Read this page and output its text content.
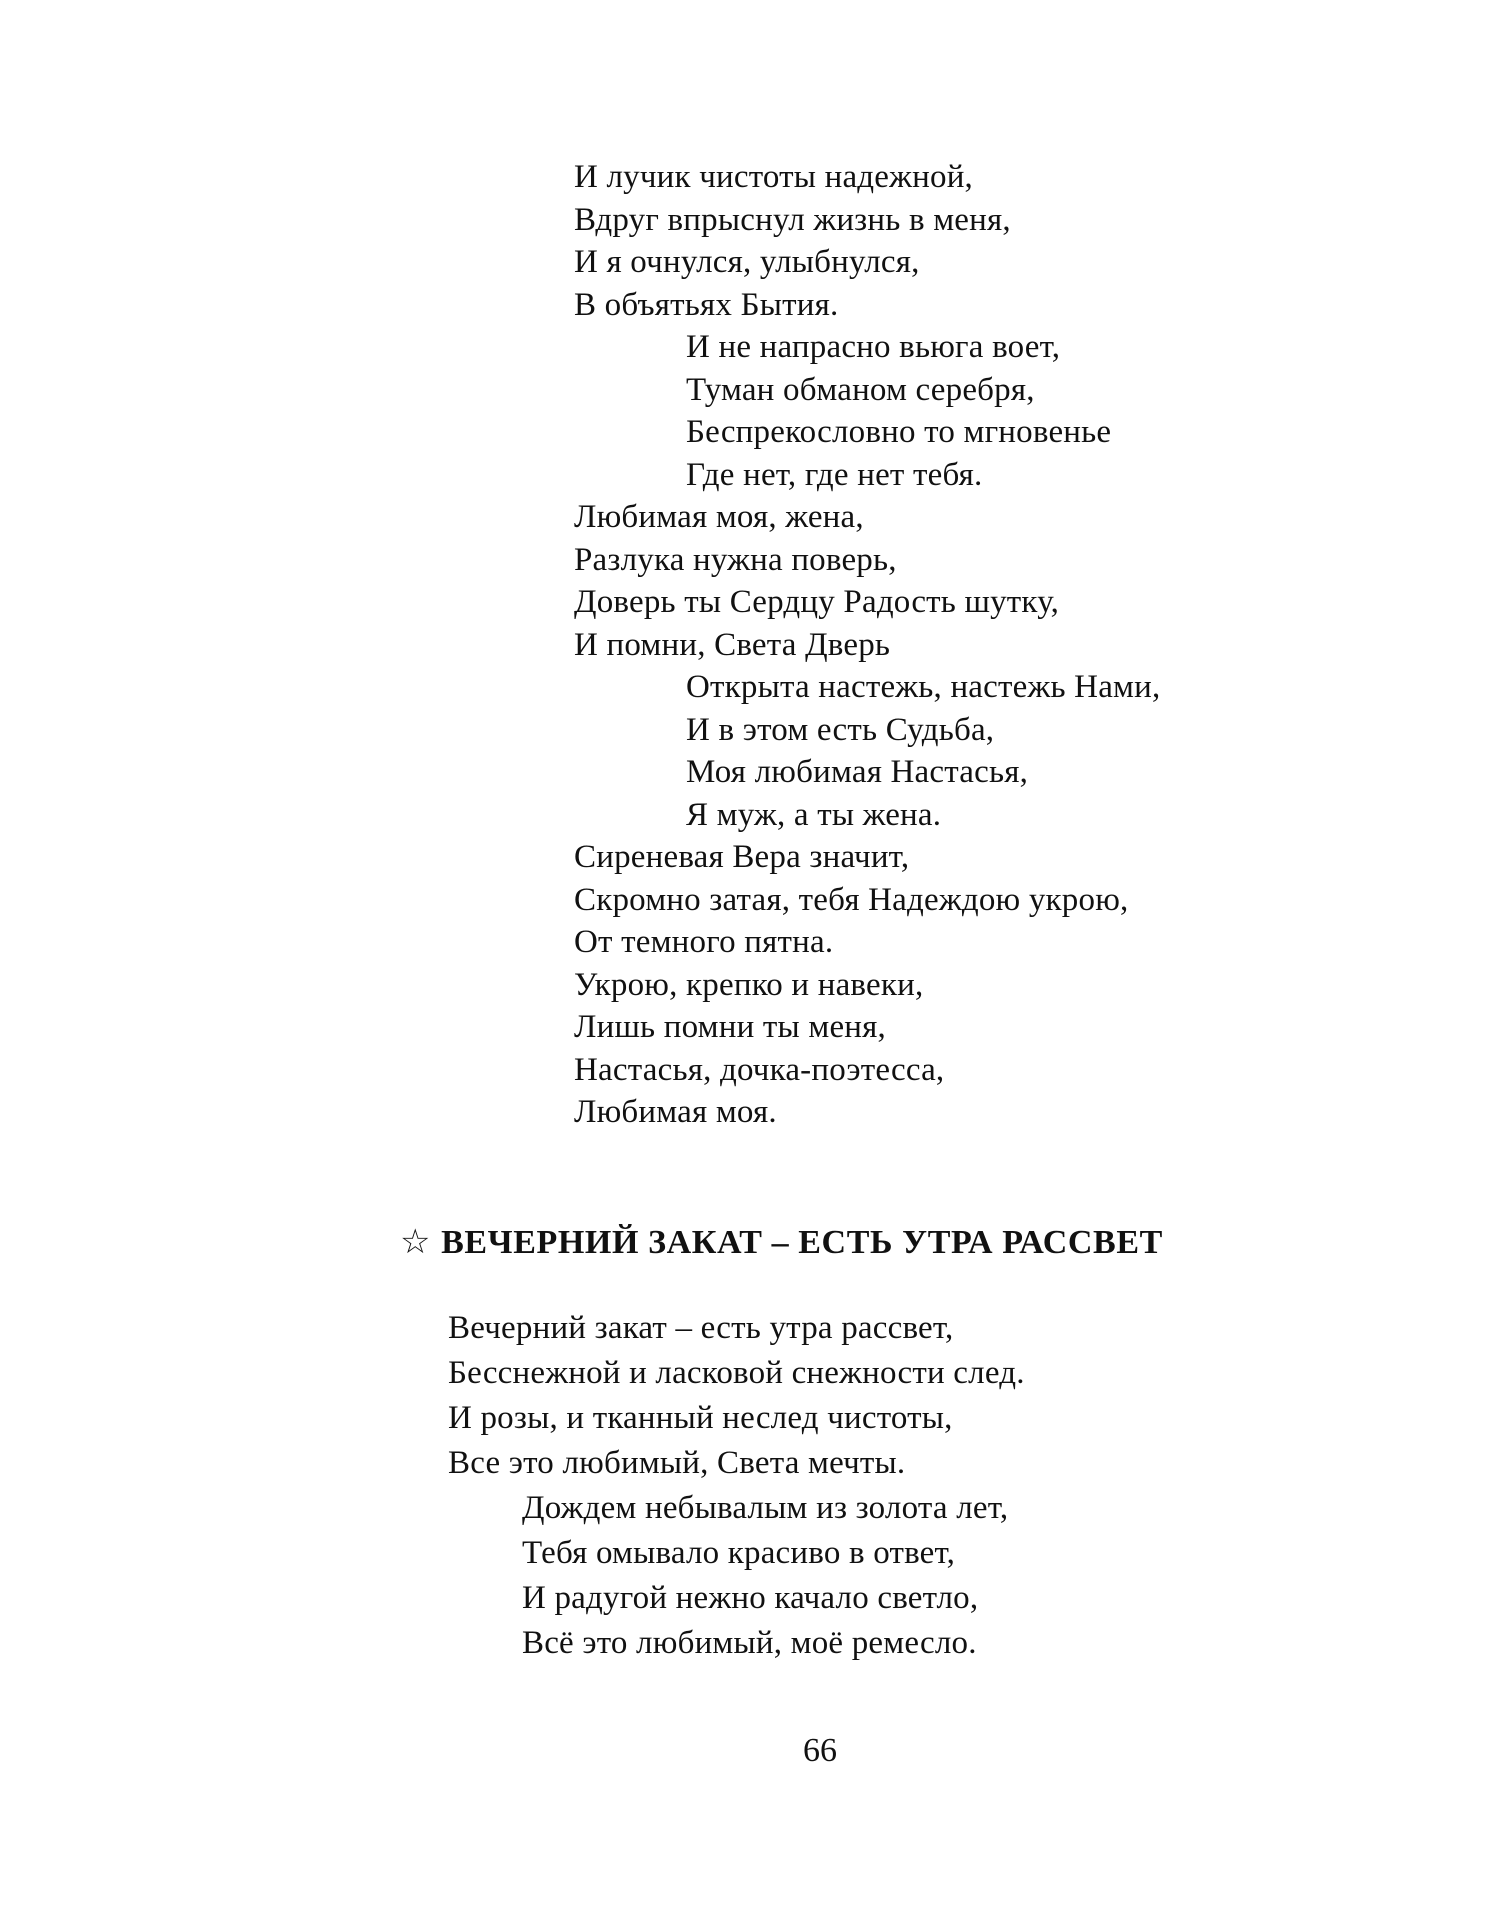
И лучик чистоты надежной,
Вдруг впрыснул жизнь в меня,
И я очнулся, улыбнулся,
В объятьях Бытия.
И не напрасно вьюга воет,
Туман обманом серебря,
Беспрекословно то мгновенье
Где нет, где нет тебя.
Любимая моя, жена,
Разлука нужна поверь,
Доверь ты Сердцу Радость шутку,
И помни, Света Дверь
Открыта настежь, настежь Нами,
И в этом есть Судьба,
Моя любимая Настасья,
Я муж, а ты жена.
Сиреневая Вера значит,
Скромно затая, тебя Надеждою укрою,
От темного пятна.
Укрою, крепко и навеки,
Лишь помни ты меня,
Настасья, дочка-поэтесса,
Любимая моя.
☆ ВЕЧЕРНИЙ ЗАКАТ – ЕСТЬ УТРА РАССВЕТ
Вечерний закат – есть утра рассвет,
Бесснежной и ласковой снежности след.
И розы, и тканный неслед чистоты,
Все это любимый, Света мечты.
Дождем небывалым из золота лет,
Тебя омывало красиво в ответ,
И радугой нежно качало светло,
Всё это любимый, моё ремесло.
66
